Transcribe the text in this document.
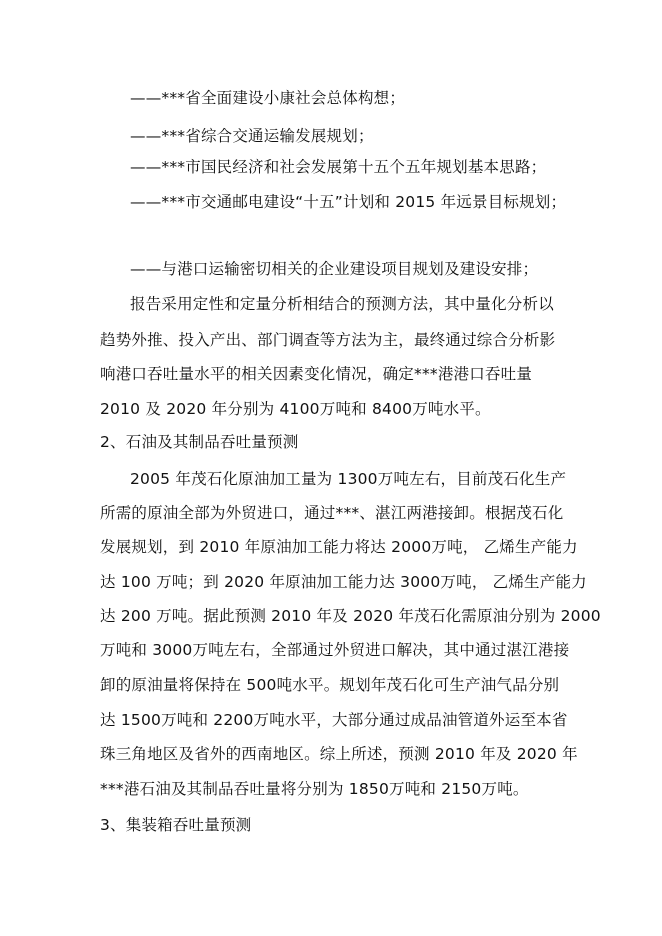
——***省全面建设小康社会总体构想；
——***省综合交通运输发展规划；
——***市国民经济和社会发展第十五个五年规划基本思路；
——***市交通邮电建设“十五”计划和 2015 年远景目标规划；
——与港口运输密切相关的企业建设项目规划及建设安排；
报告采用定性和定量分析相结合的预测方法，其中量化分析以
趋势外推、投入产出、部门调查等方法为主，最终通过综合分析影
响港口吞吐量水平的相关因素变化情况，确定***港港口吞吐量
2010 及 2020 年分别为 4100万吨和 8400万吨水平。
2、石油及其制品吞吐量预测
2005 年茂石化原油加工量为 1300万吨左右，目前茂石化生产
所需的原油全部为外贸进口，通过***、湛江两港接卸。根据茂石化
发展规划，到 2010 年原油加工能力将达 2000万吨， 乙烯生产能力
达 100 万吨；到 2020 年原油加工能力达 3000万吨， 乙烯生产能力
达 200 万吨。据此预测 2010 年及 2020 年茂石化需原油分别为 2000
万吨和 3000万吨左右，全部通过外贸进口解决，其中通过湛江港接
卸的原油量将保持在 500吨水平。规划年茂石化可生产油气品分别
达 1500万吨和 2200万吨水平，大部分通过成品油管道外运至本省
珠三角地区及省外的西南地区。综上所述，预测 2010 年及 2020 年
***港石油及其制品吞吐量将分别为 1850万吨和 2150万吨。
3、集装箱吞吐量预测
